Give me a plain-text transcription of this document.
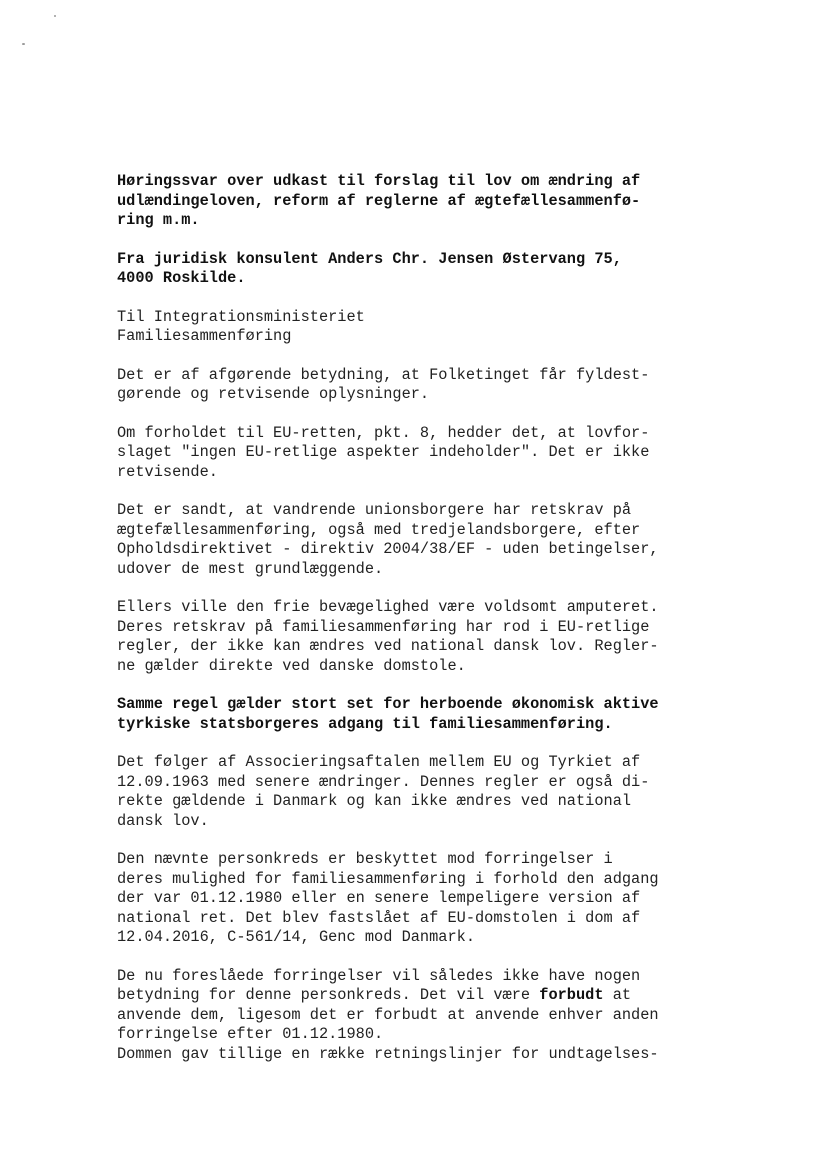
Høringssvar over udkast til forslag til lov om ændring af
udlændingeloven, reform af reglerne af ægtefællesammenfø-
ring m.m.
Fra juridisk konsulent Anders Chr. Jensen Østervang 75,
4000 Roskilde.
Til Integrationsministeriet
Familiesammenføring
Det er af afgørende betydning, at Folketinget får fyldest-
gørende og retvisende oplysninger.
Om forholdet til EU-retten, pkt. 8, hedder det, at lovfor-
slaget "ingen EU-retlige aspekter indeholder". Det er ikke
retvisende.
Det er sandt, at vandrende unionsborgere har retskrav på
ægtefællesammenføring, også med tredjelandsborgere, efter
Opholdsdirektivet - direktiv 2004/38/EF - uden betingelser,
udover de mest grundlæggende.
Ellers ville den frie bevægelighed være voldsomt amputeret.
Deres retskrav på familiesammenføring har rod i EU-retlige
regler, der ikke kan ændres ved national dansk lov. Regler-
ne gælder direkte ved danske domstole.
Samme regel gælder stort set for herboende økonomisk aktive
tyrkiske statsborgeres adgang til familiesammenføring.
Det følger af Associeringsaftalen mellem EU og Tyrkiet af
12.09.1963 med senere ændringer. Dennes regler er også di-
rekte gældende i Danmark og kan ikke ændres ved national
dansk lov.
Den nævnte personkreds er beskyttet mod forringelser i
deres mulighed for familiesammenføring i forhold den adgang
der var 01.12.1980 eller en senere lempeligere version af
national ret. Det blev fastslået af EU-domstolen i dom af
12.04.2016, C-561/14, Genc mod Danmark.
De nu foreslåede forringelser vil således ikke have nogen
betydning for denne personkreds. Det vil være forbudt at
anvende dem, ligesom det er forbudt at anvende enhver anden
forringelse efter 01.12.1980.
Dommen gav tillige en række retningslinjer for undtagelses-
